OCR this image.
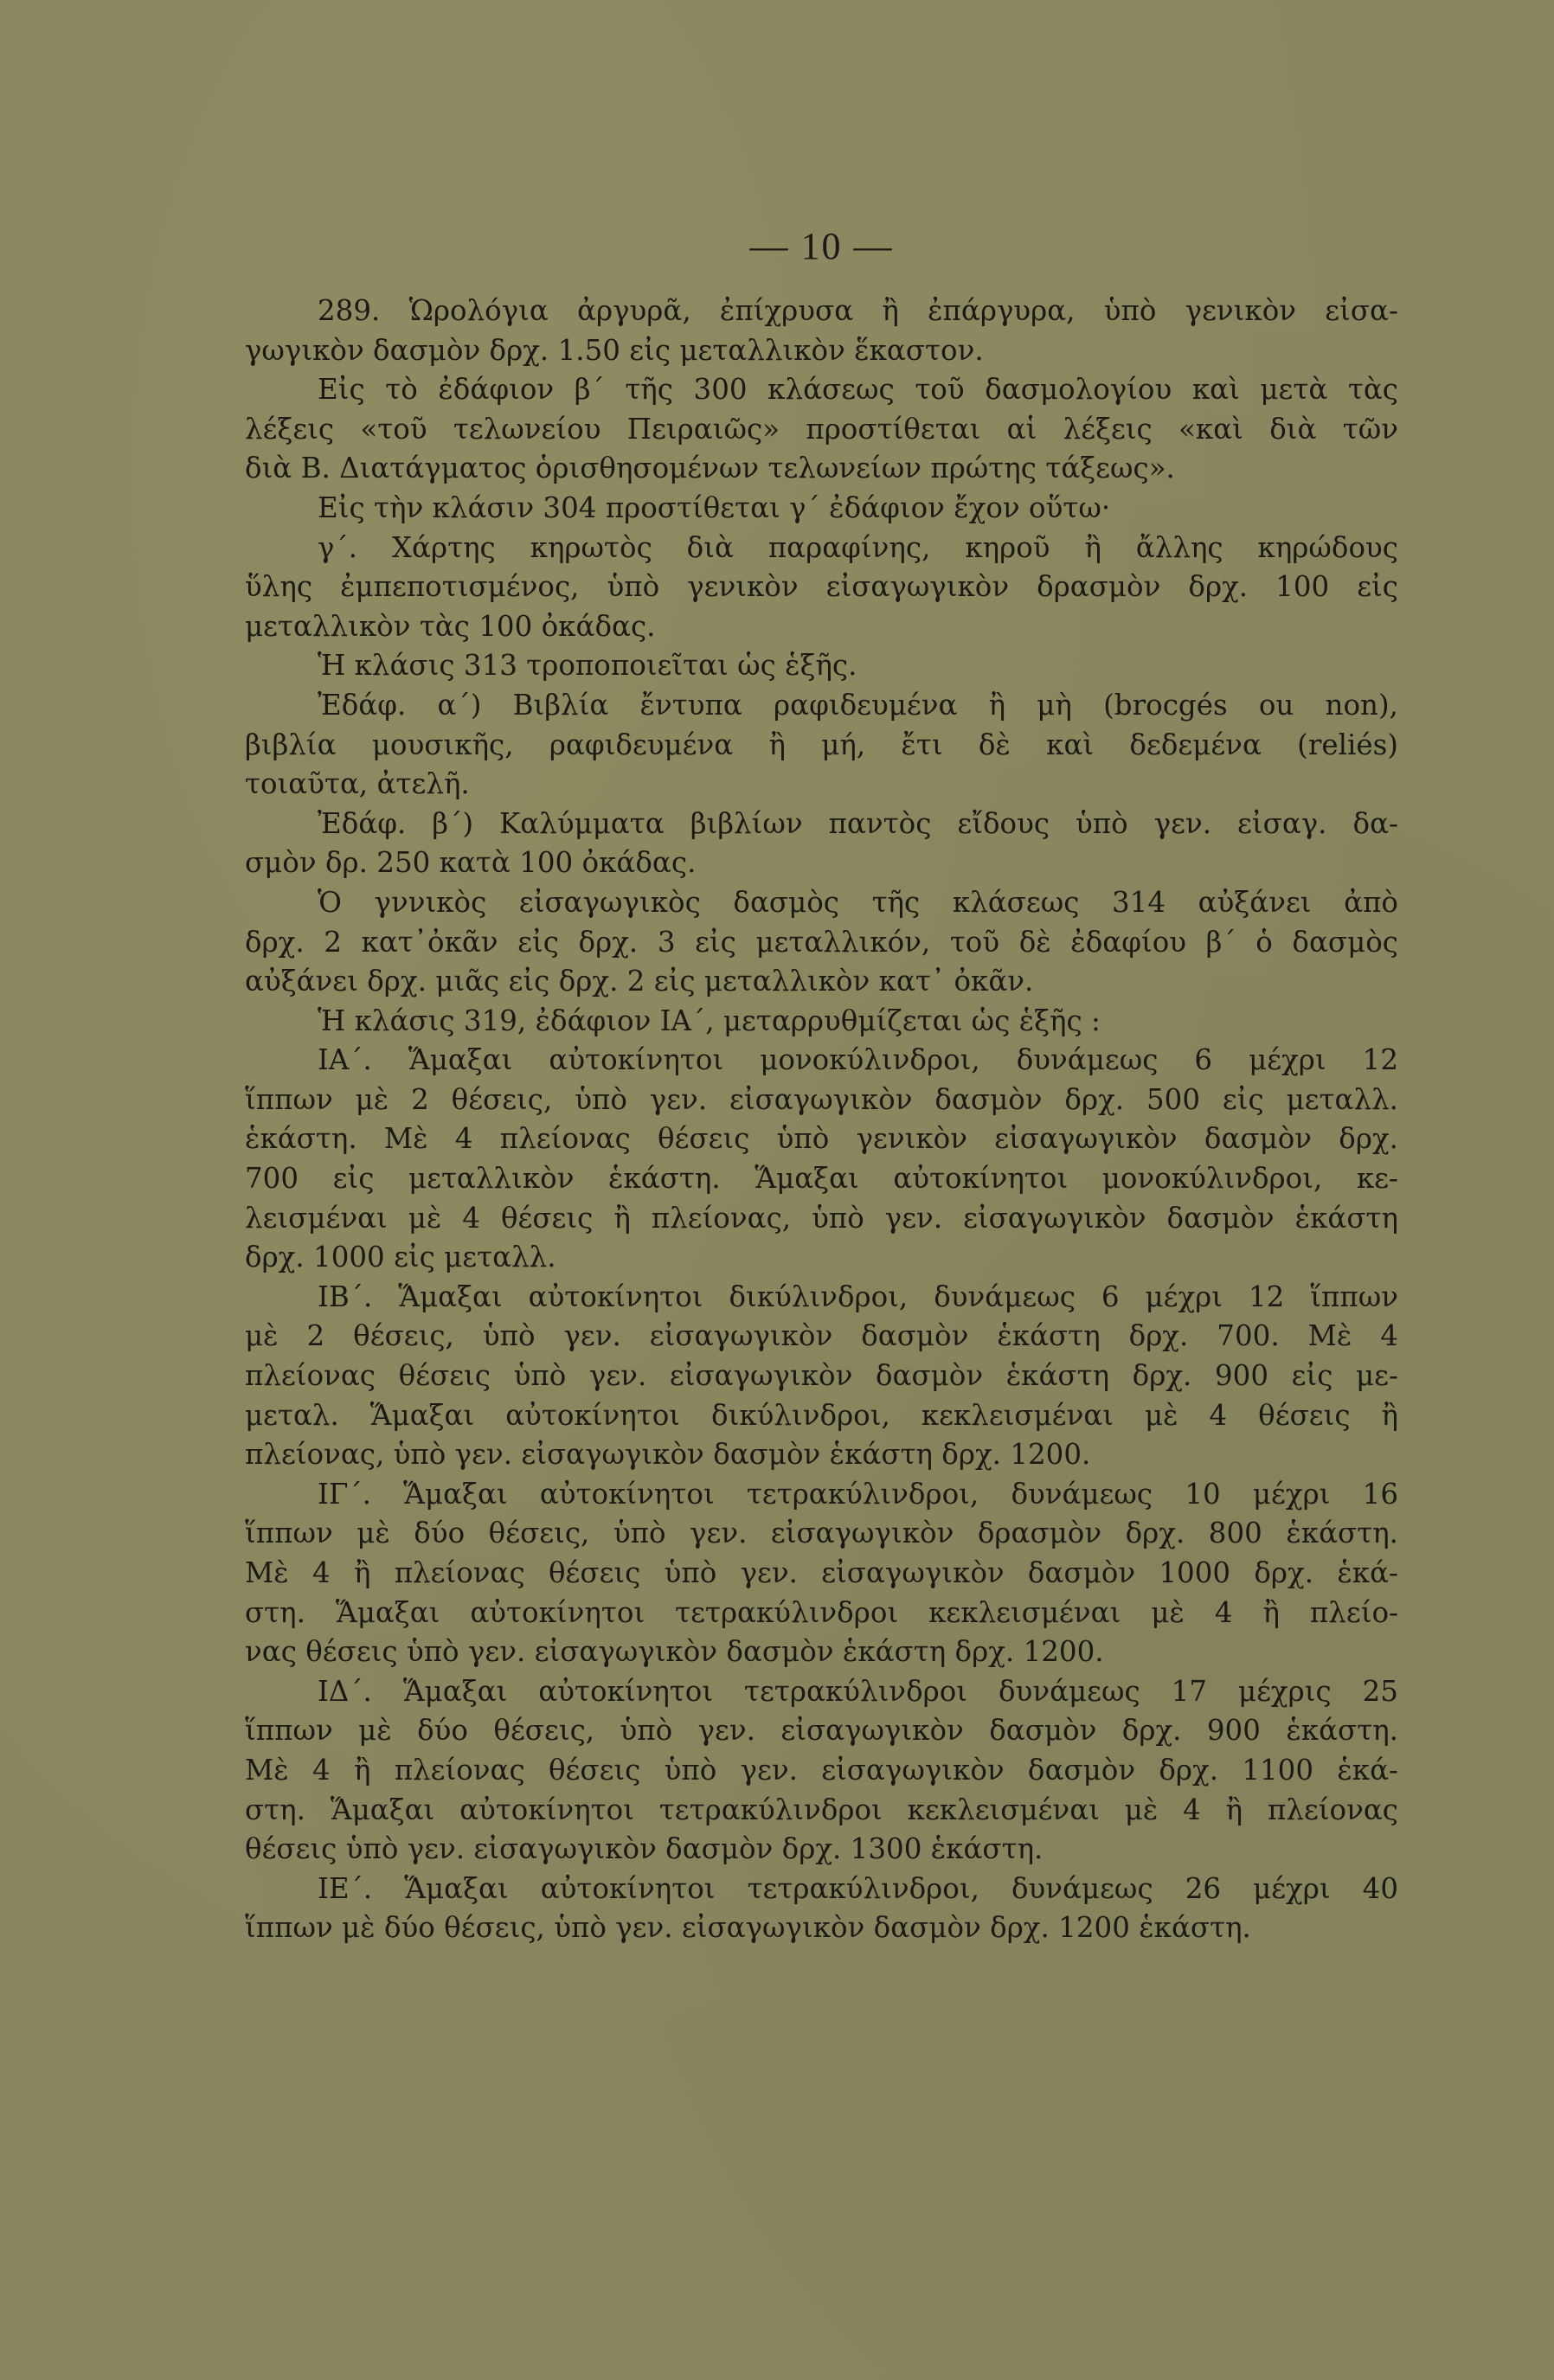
— 10 —
289. Ὡρολόγια ἀργυρᾶ, ἐπίχρυσα ἢ ἐπάργυρα, ὑπὸ γενικὸν εἰσα-
γωγικὸν δασμὸν δρχ. 1.50 εἰς μεταλλικὸν ἕκαστον.
Εἰς τὸ ἐδάφιον β΄ τῆς 300 κλάσεως τοῦ δασμολογίου καὶ μετὰ τὰς
λέξεις «τοῦ τελωνείου Πειραιῶς» προστίθεται αἱ λέξεις «καὶ διὰ τῶν
διὰ Β. Διατάγματος ὁρισθησομένων τελωνείων πρώτης τάξεως».
Εἰς τὴν κλάσιν 304 προστίθεται γ΄ ἐδάφιον ἔχον οὕτω·
γ΄. Χάρτης κηρωτὸς διὰ παραφίνης, κηροῦ ἢ ἄλλης κηρώδους
ὕλης ἐμπεποτισμένος, ὑπὸ γενικὸν εἰσαγωγικὸν δρασμὸν δρχ. 100 εἰς
μεταλλικὸν τὰς 100 ὀκάδας.
Ἡ κλάσις 313 τροποποιεῖται ὡς ἑξῆς.
Ἐδάφ. α΄) Βιβλία ἔντυπα ραφιδευμένα ἢ μὴ (brocgés ou non),
βιβλία μουσικῆς, ραφιδευμένα ἢ μή, ἔτι δὲ καὶ δεδεμένα (reliés)
τοιαῦτα, ἀτελῆ.
Ἐδάφ. β΄) Καλύμματα βιβλίων παντὸς εἴδους ὑπὸ γεν. εἰσαγ. δα-
σμὸν δρ. 250 κατὰ 100 ὀκάδας.
Ὁ γννικὸς εἰσαγωγικὸς δασμὸς τῆς κλάσεως 314 αὐξάνει ἀπὸ
δρχ. 2 κατ᾽ὀκᾶν εἰς δρχ. 3 εἰς μεταλλικόν, τοῦ δὲ ἐδαφίου β΄ ὁ δασμὸς
αὐξάνει δρχ. μιᾶς εἰς δρχ. 2 εἰς μεταλλικὸν κατ᾽ ὀκᾶν.
Ἡ κλάσις 319, ἐδάφιον ΙΑ΄, μεταρρυθμίζεται ὡς ἑξῆς :
ΙΑ΄. Ἅμαξαι αὐτοκίνητοι μονοκύλινδροι, δυνάμεως 6 μέχρι 12
ἵππων μὲ 2 θέσεις, ὑπὸ γεν. εἰσαγωγικὸν δασμὸν δρχ. 500 εἰς μεταλλ.
ἑκάστη. Μὲ 4 πλείονας θέσεις ὑπὸ γενικὸν εἰσαγωγικὸν δασμὸν δρχ.
700 εἰς μεταλλικὸν ἑκάστη. Ἅμαξαι αὐτοκίνητοι μονοκύλινδροι, κε-
λεισμέναι μὲ 4 θέσεις ἢ πλείονας, ὑπὸ γεν. εἰσαγωγικὸν δασμὸν ἑκάστη
δρχ. 1000 εἰς μεταλλ.
ΙΒ΄. Ἅμαξαι αὐτοκίνητοι δικύλινδροι, δυνάμεως 6 μέχρι 12 ἵππων
μὲ 2 θέσεις, ὑπὸ γεν. εἰσαγωγικὸν δασμὸν ἑκάστη δρχ. 700. Μὲ 4
πλείονας θέσεις ὑπὸ γεν. εἰσαγωγικὸν δασμὸν ἑκάστη δρχ. 900 εἰς με-
μεταλ. Ἅμαξαι αὐτοκίνητοι δικύλινδροι, κεκλεισμέναι μὲ 4 θέσεις ἢ
πλείονας, ὑπὸ γεν. εἰσαγωγικὸν δασμὸν ἑκάστη δρχ. 1200.
ΙΓ΄. Ἅμαξαι αὐτοκίνητοι τετρακύλινδροι, δυνάμεως 10 μέχρι 16
ἵππων μὲ δύο θέσεις, ὑπὸ γεν. εἰσαγωγικὸν δρασμὸν δρχ. 800 ἑκάστη.
Μὲ 4 ἢ πλείονας θέσεις ὑπὸ γεν. εἰσαγωγικὸν δασμὸν 1000 δρχ. ἑκά-
στη. Ἅμαξαι αὐτοκίνητοι τετρακύλινδροι κεκλεισμέναι μὲ 4 ἢ πλείο-
νας θέσεις ὑπὸ γεν. εἰσαγωγικὸν δασμὸν ἑκάστη δρχ. 1200.
ΙΔ΄. Ἅμαξαι αὐτοκίνητοι τετρακύλινδροι δυνάμεως 17 μέχρις 25
ἵππων μὲ δύο θέσεις, ὑπὸ γεν. εἰσαγωγικὸν δασμὸν δρχ. 900 ἑκάστη.
Μὲ 4 ἢ πλείονας θέσεις ὑπὸ γεν. εἰσαγωγικὸν δασμὸν δρχ. 1100 ἑκά-
στη. Ἅμαξαι αὐτοκίνητοι τετρακύλινδροι κεκλεισμέναι μὲ 4 ἢ πλείονας
θέσεις ὑπὸ γεν. εἰσαγωγικὸν δασμὸν δρχ. 1300 ἑκάστη.
ΙΕ΄. Ἅμαξαι αὐτοκίνητοι τετρακύλινδροι, δυνάμεως 26 μέχρι 40
ἵππων μὲ δύο θέσεις, ὑπὸ γεν. εἰσαγωγικὸν δασμὸν δρχ. 1200 ἑκάστη.
